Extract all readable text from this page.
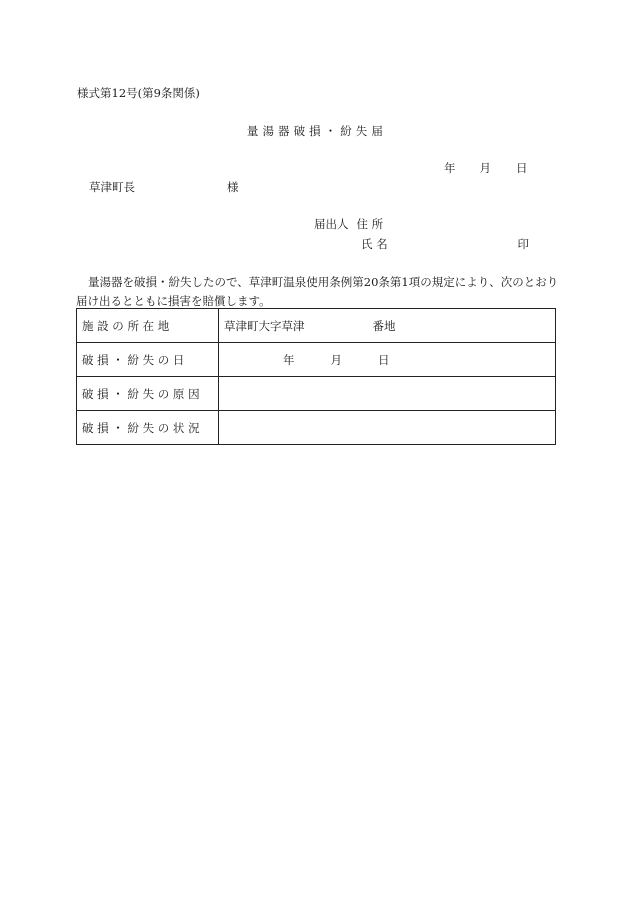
様式第12号(第9条関係)
量 湯 器 破 損 ・ 紛 失 届
年 月 日
草津町長	様
届出人 住 所
氏 名	印

量湯器を破損・紛失したので、草津町温泉使用条例第20条第1項の規定により、次のとおり届け出るとともに損害を賠償します。

施 設 の 所 在 地	草津町大字草津 番地
破 損 ・ 紛 失 の 日	年 月 日
破 損 ・ 紛 失 の 原 因	
破 損 ・ 紛 失 の 状 況	
